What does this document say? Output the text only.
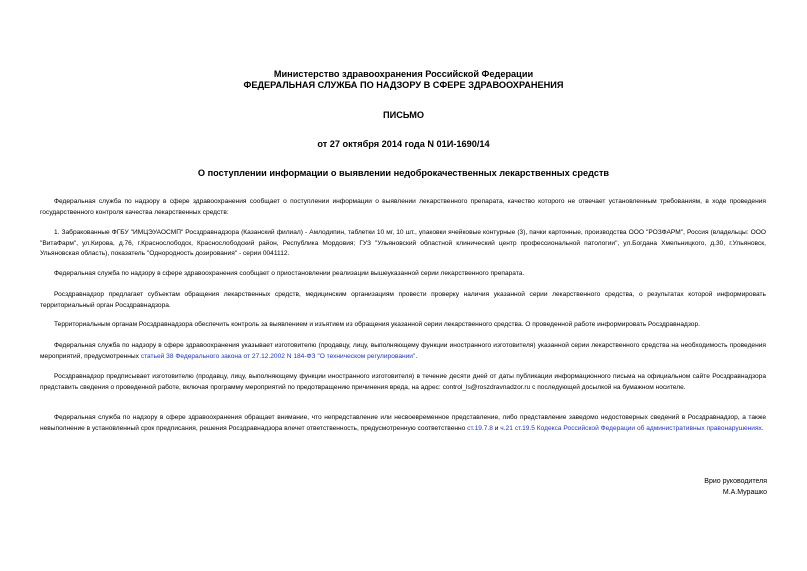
Министерство здравоохранения Российской Федерации
ФЕДЕРАЛЬНАЯ СЛУЖБА ПО НАДЗОРУ В СФЕРЕ ЗДРАВООХРАНЕНИЯ
ПИСЬМО
от 27 октября 2014 года N 01И-1690/14
О поступлении информации о выявлении недоброкачественных лекарственных средств

Федеральная служба по надзору в сфере здравоохранения сообщает о поступлении информации о выявлении лекарственного препарата, качество которого не отвечает установленным требованиям, в ходе проведения государственного контроля качества лекарственных средств:

1. Забракованные ФГБУ "ИМЦЭУАОСМП" Росздравнадзора (Казанский филиал) - Амлодипин, таблетки 10 мг, 10 шт., упаковки ячейковые контурные (3), пачки картонные, производства ООО "РОЗФАРМ", Россия (владельцы: ООО "ВитаФарм", ул.Кирова, д.76, г.Краснослободск, Краснослободский район, Республика Мордовия; ГУЗ "Ульяновский областной клинический центр профессиональной патологии", ул.Богдана Хмельницкого, д.30, г.Ульяновск, Ульяновская область), показатель "Однородность дозирования" - серии 0041112.

Федеральная служба по надзору в сфере здравоохранения сообщает о приостановлении реализации вышеуказанной серии лекарственного препарата.

Росздравнадзор предлагает субъектам обращения лекарственных средств, медицинским организациям провести проверку наличия указанной серии лекарственного средства, о результатах которой информировать территориальный орган Росздравнадзора.

Территориальным органам Росздравнадзора обеспечить контроль за выявлением и изъятием из обращения указанной серии лекарственного средства. О проведенной работе информировать Росздравнадзор.

Федеральная служба по надзору в сфере здравоохранения указывает изготовителю (продавцу, лицу, выполняющему функции иностранного изготовителя) указанной серии лекарственного средства на необходимость проведения мероприятий, предусмотренных статьей 38 Федерального закона от 27.12.2002 N 184-ФЗ "О техническом регулировании".

Росздравнадзор предписывает изготовителю (продавцу, лицу, выполняющему функции иностранного изготовителя) в течение десяти дней от даты публикации информационного письма на официальном сайте Росздравнадзора представить сведения о проведенной работе, включая программу мероприятий по предотвращению причинения вреда, на адрес: control_ls@roszdravnadzor.ru с последующей досылкой на бумажном носителе.

Федеральная служба по надзору в сфере здравоохранения обращает внимание, что непредставление или несвоевременное представление, либо представление заведомо недостоверных сведений в Росздравнадзор, а также невыполнение в установленный срок предписания, решения Росздравнадзора влечет ответственность, предусмотренную соответственно ст.19.7.8 и ч.21 ст.19.5 Кодекса Российской Федерации об административных правонарушениях.

Врио руководителя
М.А.Мурашко
